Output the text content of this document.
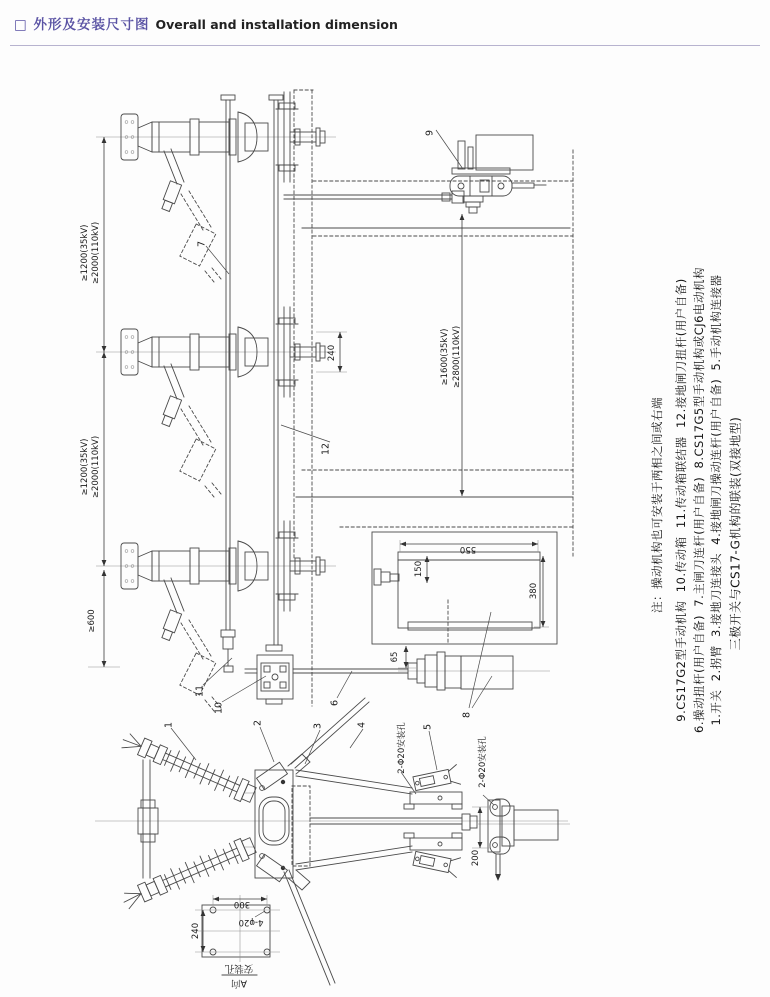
□ 外形及安装尺寸图 Overall and installation dimension
7
9
12
11
10	6
8
1	2	3	4	5
≥1200(35kV) ≥2000(110kV)
≥1200(35kV) ≥2000(110kV)
≥600
≥1600(35kV) ≥2800(110kV)
240
550
150
380
65
200
2-Φ20安装孔	2-Φ20安装孔
300
240
4-φ20
安装孔
A向
三极开关与CS17-G机构的联装(双接地型)
1.开关  2.拐臂  3.接地刀连接头  4.接地闸刀操动连杆(用户自备)  5.手动机构连接器
6.操动扭杆(用户自备)  7.主闸刀连杆(用户自备)  8.CS17G5型手动机构或CJ6电动机构
9.CS17G2型手动机构  10.传动箱  11.传动箱联结器  12.接地闸刀扭杆(用户自备)
注：操动机构也可安装于两相之间或右端
